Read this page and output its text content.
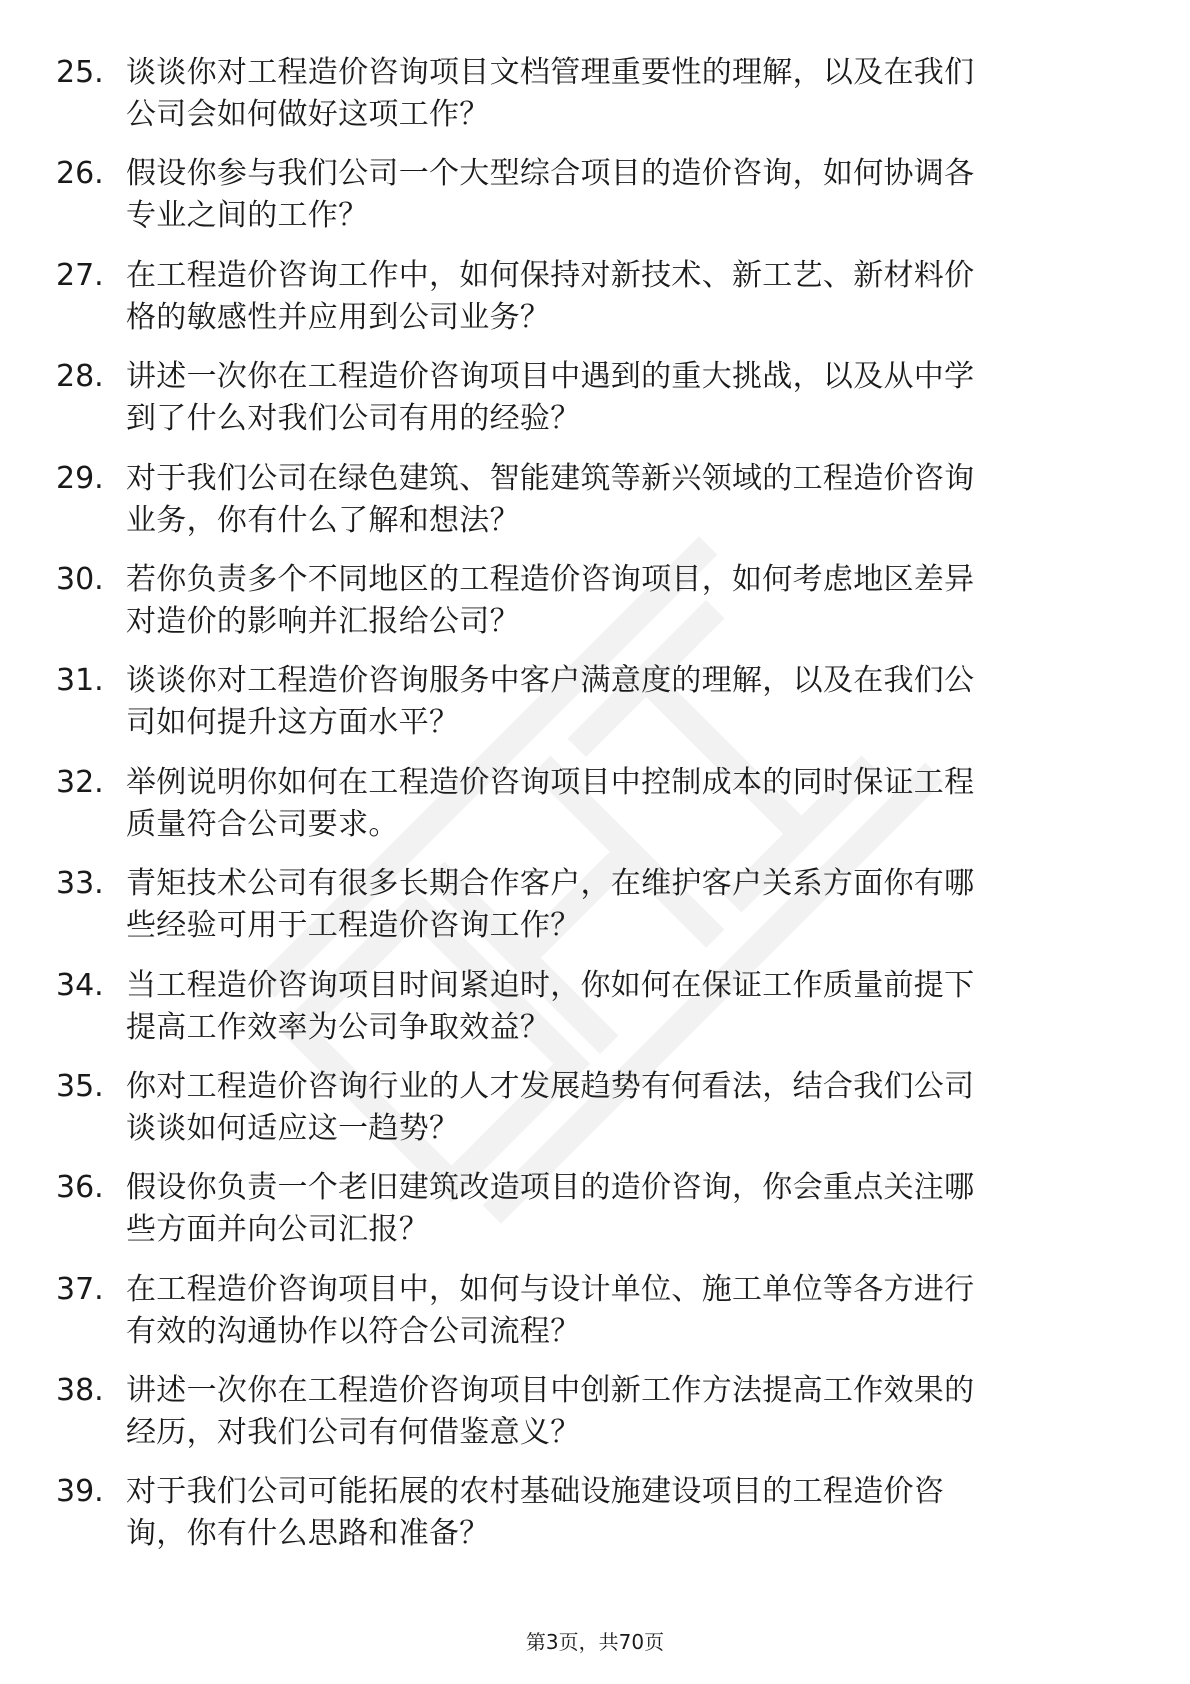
25. 谈谈你对工程造价咨询项目文档管理重要性的理解，以及在我们
公司会如何做好这项工作？
26. 假设你参与我们公司一个大型综合项目的造价咨询，如何协调各
专业之间的工作？
27. 在工程造价咨询工作中，如何保持对新技术、新工艺、新材料价
格的敏感性并应用到公司业务？
28. 讲述一次你在工程造价咨询项目中遇到的重大挑战，以及从中学
到了什么对我们公司有用的经验？
29. 对于我们公司在绿色建筑、智能建筑等新兴领域的工程造价咨询
业务，你有什么了解和想法？
30. 若你负责多个不同地区的工程造价咨询项目，如何考虑地区差异
对造价的影响并汇报给公司？
31. 谈谈你对工程造价咨询服务中客户满意度的理解，以及在我们公
司如何提升这方面水平？
32. 举例说明你如何在工程造价咨询项目中控制成本的同时保证工程
质量符合公司要求。
33. 青矩技术公司有很多长期合作客户，在维护客户关系方面你有哪
些经验可用于工程造价咨询工作？
34. 当工程造价咨询项目时间紧迫时，你如何在保证工作质量前提下
提高工作效率为公司争取效益？
35. 你对工程造价咨询行业的人才发展趋势有何看法，结合我们公司
谈谈如何适应这一趋势？
36. 假设你负责一个老旧建筑改造项目的造价咨询，你会重点关注哪
些方面并向公司汇报？
37. 在工程造价咨询项目中，如何与设计单位、施工单位等各方进行
有效的沟通协作以符合公司流程？
38. 讲述一次你在工程造价咨询项目中创新工作方法提高工作效果的
经历，对我们公司有何借鉴意义？
39. 对于我们公司可能拓展的农村基础设施建设项目的工程造价咨
询，你有什么思路和准备？
第3页，共70页
